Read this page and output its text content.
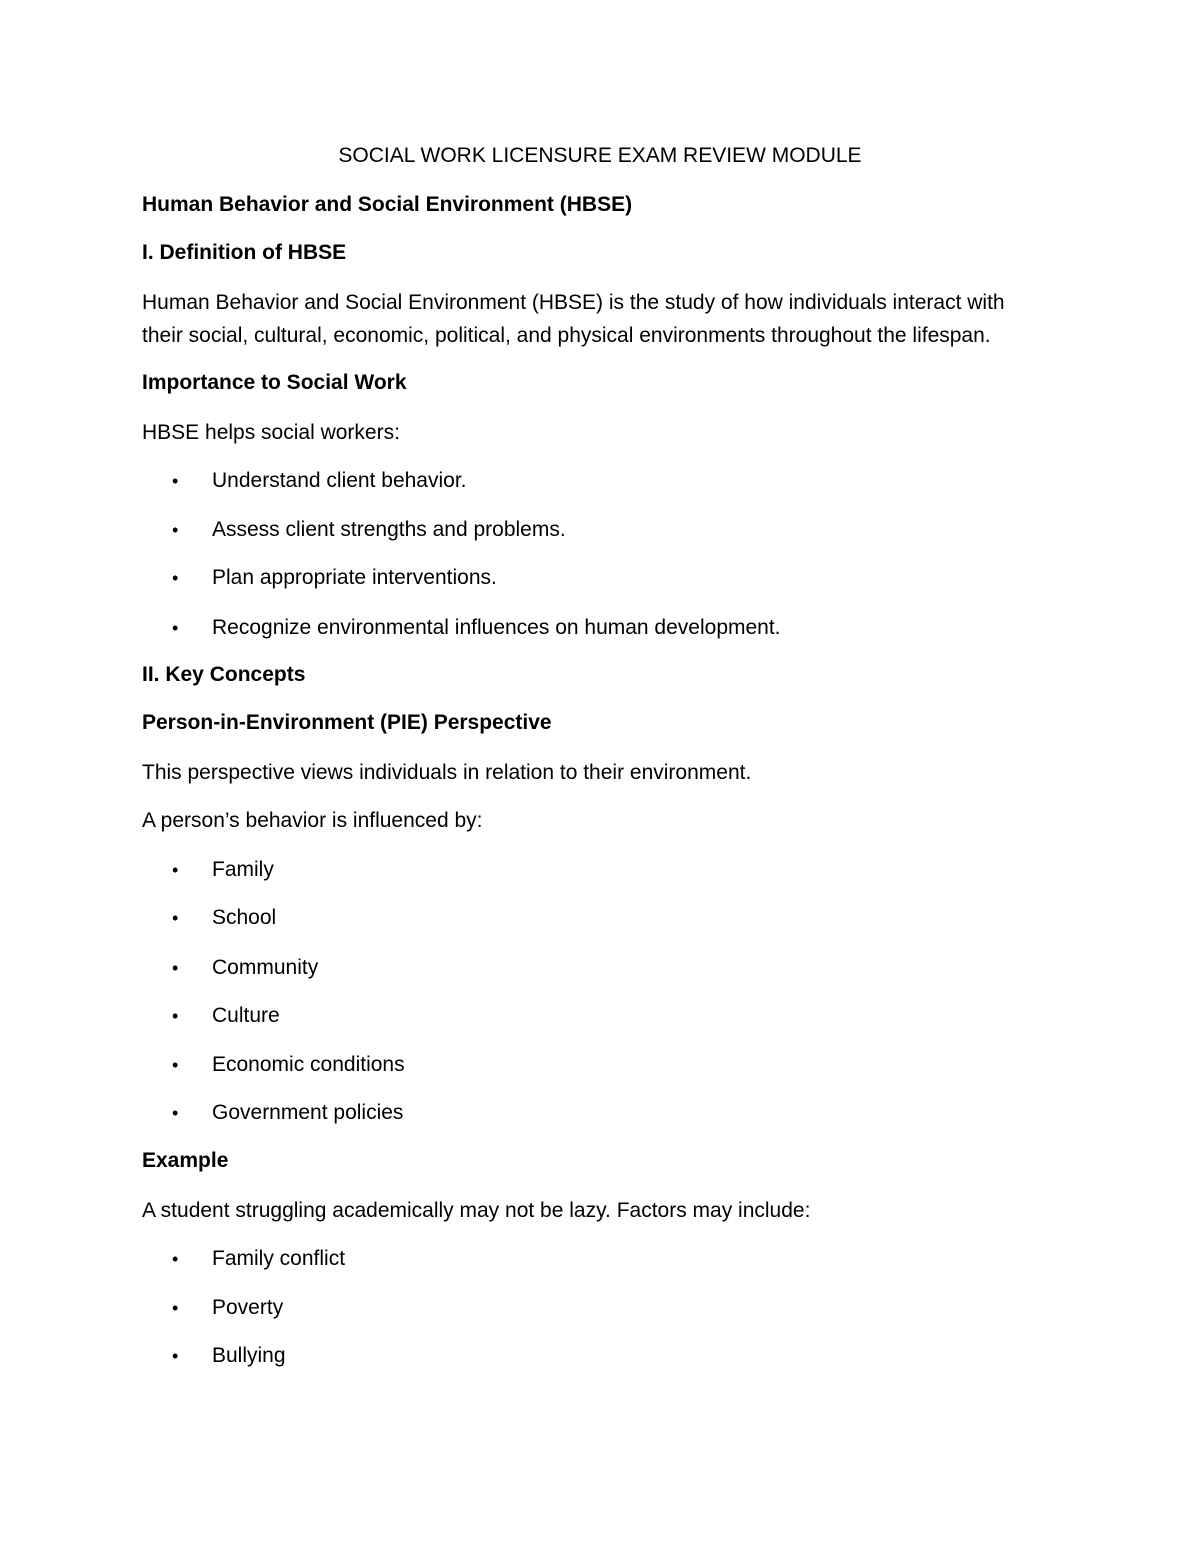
SOCIAL WORK LICENSURE EXAM REVIEW MODULE
Human Behavior and Social Environment (HBSE)
I. Definition of HBSE
Human Behavior and Social Environment (HBSE) is the study of how individuals interact with
their social, cultural, economic, political, and physical environments throughout the lifespan.
Importance to Social Work
HBSE helps social workers:
• Understand client behavior.
• Assess client strengths and problems.
• Plan appropriate interventions.
• Recognize environmental influences on human development.
II. Key Concepts
Person-in-Environment (PIE) Perspective
This perspective views individuals in relation to their environment.
A person’s behavior is influenced by:
• Family
• School
• Community
• Culture
• Economic conditions
• Government policies
Example
A student struggling academically may not be lazy. Factors may include:
• Family conflict
• Poverty
• Bullying
